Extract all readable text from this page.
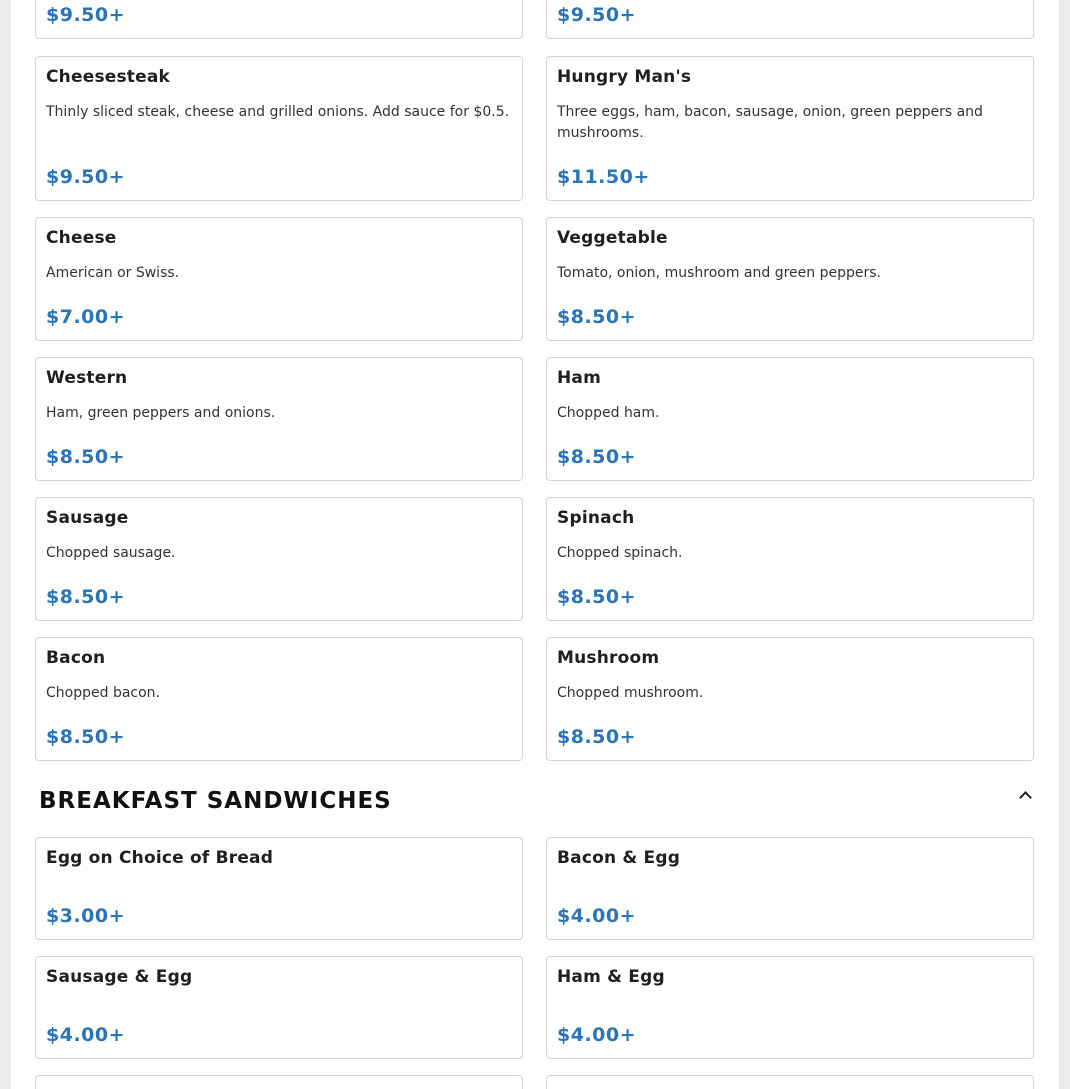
$9.50+	$9.50+
Cheesesteak
Thinly sliced steak, cheese and grilled onions. Add sauce for $0.5.
$9.50+
Hungry Man's
Three eggs, ham, bacon, sausage, onion, green peppers and mushrooms.
$11.50+
Cheese
American or Swiss.
$7.00+
Veggetable
Tomato, onion, mushroom and green peppers.
$8.50+
Western
Ham, green peppers and onions.
$8.50+
Ham
Chopped ham.
$8.50+
Sausage
Chopped sausage.
$8.50+
Spinach
Chopped spinach.
$8.50+
Bacon
Chopped bacon.
$8.50+
Mushroom
Chopped mushroom.
$8.50+
BREAKFAST SANDWICHES
Egg on Choice of Bread
$3.00+
Bacon & Egg
$4.00+
Sausage & Egg
$4.00+
Ham & Egg
$4.00+
